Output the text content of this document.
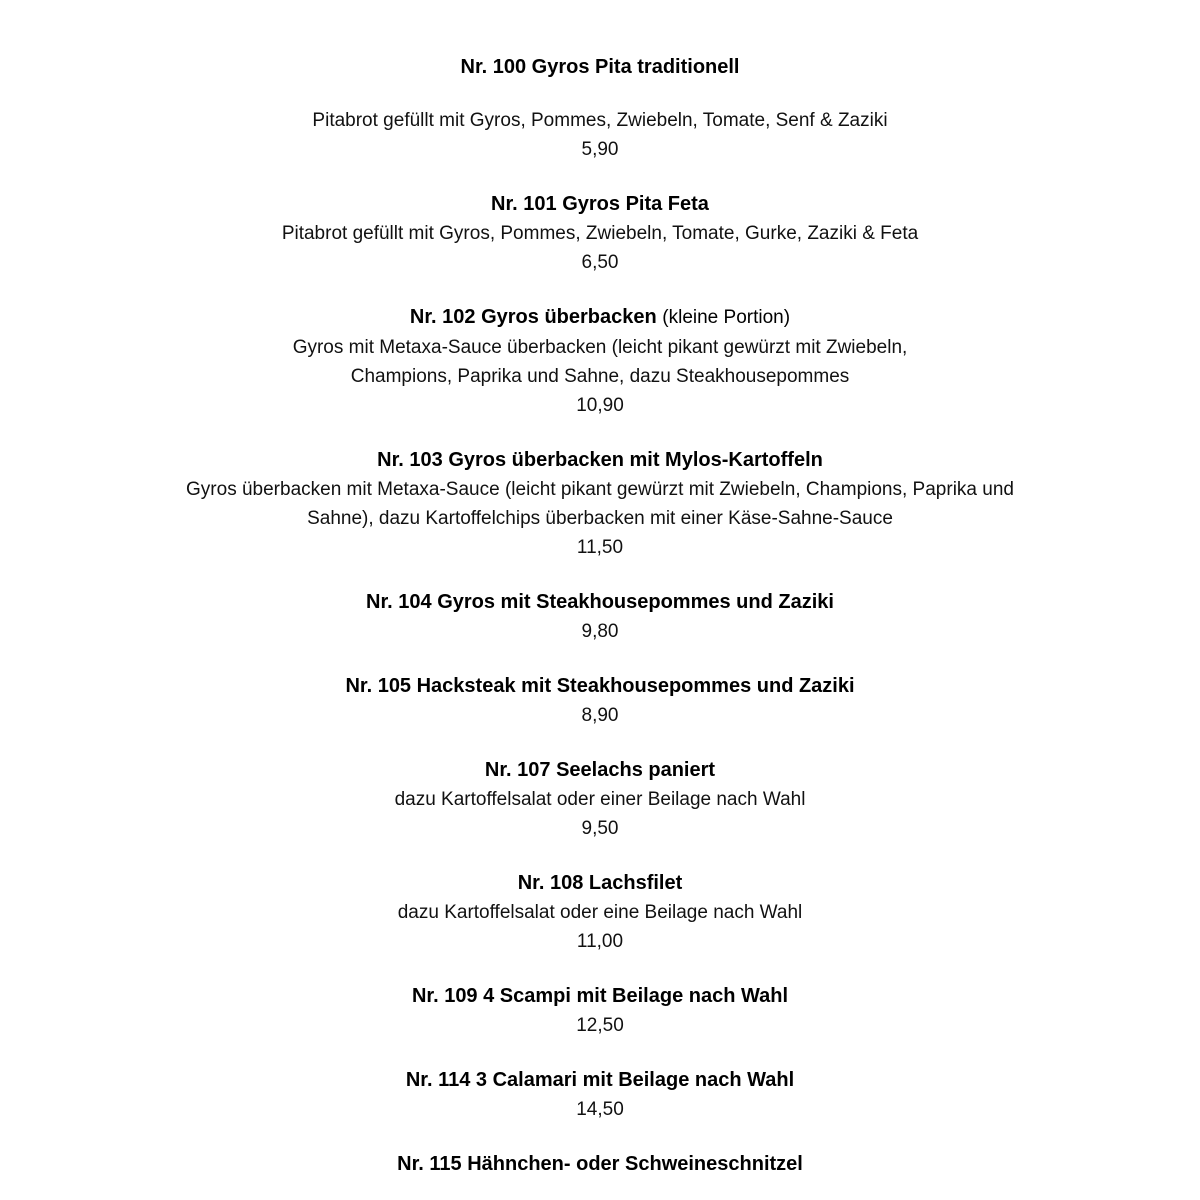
Nr. 100 Gyros Pita traditionell

Pitabrot gefüllt mit Gyros, Pommes, Zwiebeln, Tomate, Senf & Zaziki

5,90

Nr. 101 Gyros Pita Feta

Pitabrot gefüllt mit Gyros, Pommes, Zwiebeln, Tomate, Gurke, Zaziki & Feta

6,50

Nr. 102 Gyros überbacken (kleine Portion)

Gyros mit Metaxa-Sauce überbacken (leicht pikant gewürzt mit Zwiebeln,

Champions, Paprika und Sahne, dazu Steakhousepommes

10,90

Nr. 103 Gyros überbacken mit Mylos-Kartoffeln

Gyros überbacken mit Metaxa-Sauce (leicht pikant gewürzt mit Zwiebeln, Champions, Paprika und

Sahne), dazu Kartoffelchips überbacken mit einer Käse-Sahne-Sauce

11,50

Nr. 104 Gyros mit Steakhousepommes und Zaziki

9,80

Nr. 105 Hacksteak mit Steakhousepommes und Zaziki

8,90

Nr. 107 Seelachs paniert

dazu Kartoffelsalat oder einer Beilage nach Wahl

9,50

Nr. 108 Lachsfilet

dazu Kartoffelsalat oder eine Beilage nach Wahl

11,00

Nr. 109 4 Scampi mit Beilage nach Wahl

12,50

Nr. 114 3 Calamari mit Beilage nach Wahl

14,50

Nr. 115 Hähnchen- oder Schweineschnitzel
